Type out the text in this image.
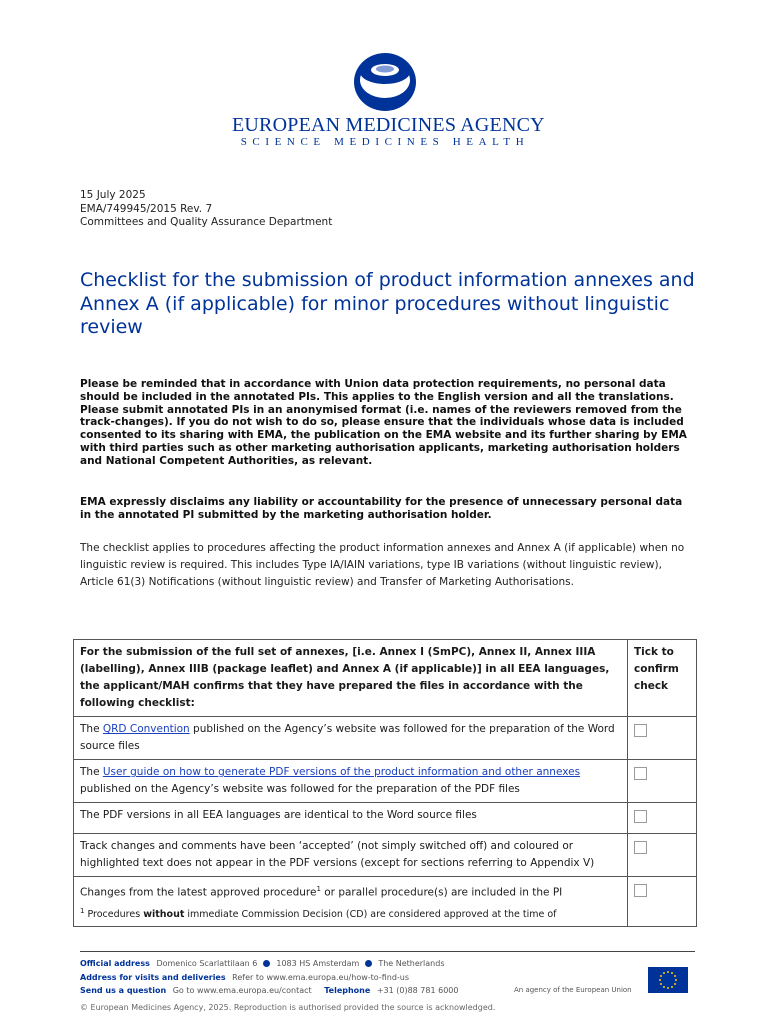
EUROPEAN MEDICINES AGENCY
SCIENCE MEDICINES HEALTH
15 July 2025
EMA/749945/2015 Rev. 7
Committees and Quality Assurance Department
Checklist for the submission of product information annexes and Annex A (if applicable) for minor procedures without linguistic review

Please be reminded that in accordance with Union data protection requirements, no personal data should be included in the annotated PIs. This applies to the English version and all the translations. Please submit annotated PIs in an anonymised format (i.e. names of the reviewers removed from the track-changes). If you do not wish to do so, please ensure that the individuals whose data is included consented to its sharing with EMA, the publication on the EMA website and its further sharing by EMA with third parties such as other marketing authorisation applicants, marketing authorisation holders and National Competent Authorities, as relevant.

EMA expressly disclaims any liability or accountability for the presence of unnecessary personal data in the annotated PI submitted by the marketing authorisation holder.

The checklist applies to procedures affecting the product information annexes and Annex A (if applicable) when no linguistic review is required. This includes Type IA/IAIN variations, type IB variations (without linguistic review), Article 61(3) Notifications (without linguistic review) and Transfer of Marketing Authorisations.

For the submission of the full set of annexes, [i.e. Annex I (SmPC), Annex II, Annex IIIA (labelling), Annex IIIB (package leaflet) and Annex A (if applicable)] in all EEA languages, the applicant/MAH confirms that they have prepared the files in accordance with the following checklist:	Tick to confirm check
The QRD Convention published on the Agency’s website was followed for the preparation of the Word source files	
The User guide on how to generate PDF versions of the product information and other annexes published on the Agency’s website was followed for the preparation of the PDF files	
The PDF versions in all EEA languages are identical to the Word source files	
Track changes and comments have been ‘accepted’ (not simply switched off) and coloured or highlighted text does not appear in the PDF versions (except for sections referring to Appendix V)	
Changes from the latest approved procedure$^1$ or parallel procedure(s) are included in the PI
$^1$ Procedures without immediate Commission Decision (CD) are considered approved at the time of	

Official address Domenico Scarlattilaan 6 1083 HS Amsterdam The Netherlands
Address for visits and deliveries Refer to www.ema.europa.eu/how-to-find-us
Send us a question Go to www.ema.europa.eu/contact Telephone +31 (0)88 781 6000	An agency of the European Union
© European Medicines Agency, 2025. Reproduction is authorised provided the source is acknowledged.
